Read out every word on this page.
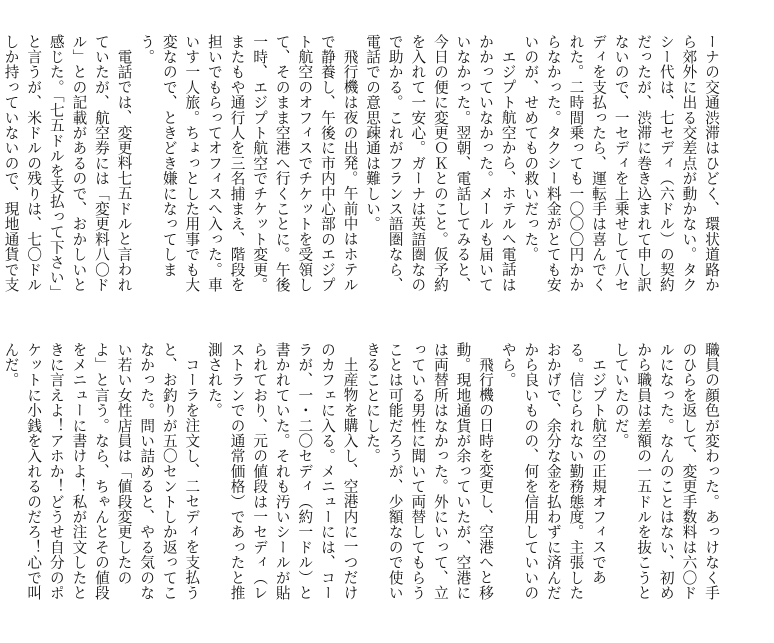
ーナの交通渋滞はひどく、環状道路から郊外に出る交差点が動かない。タクシー代は、七セディ（六ドル）の契約だったが、渋滞に巻き込まれて申し訳ないので、一セディを上乗せして八セディを支払ったら、運転手は喜んでくれた。二時間乗っても一〇〇〇円かからなかった。タクシー料金がとても安いのが、せめてもの救いだった。

エジプト航空から、ホテルへ電話はかかっていなかった。メールも届いていなかった。翌朝、電話してみると、今日の便に変更ＯＫとのこと。仮予約を入れて一安心。ガーナは英語圏なので助かる。これがフランス語圏なら、電話での意思疎通は難しい。

飛行機は夜の出発。午前中はホテルで静養し、午後に市内中心部のエジプト航空のオフィスでチケットを受領して、そのまま空港へ行くことに。午後一時、エジプト航空でチケット変更。またもや通行人を三名捕まえ、階段を担いでもらってオフィスへ入った。車いす一人旅。ちょっとした用事でも大変なので、ときどき嫌になってしまう。

電話では、変更料七五ドルと言われていたが、航空券には「変更料八〇ドル」との記載があるので、おかしいと感じた。「七五ドルを支払って下さい」と言うが、米ドルの残りは、七〇ドルしか持っていないので、現地通貨で支

職員の顔色が変わった。あっけなく手のひらを返して、変更手数料は六〇ドルになった。なんのことはない、初めから職員は差額の一五ドルを抜こうとしていたのだ。

エジプト航空の正規オフィスである。信じられない勤務態度。主張したおかげで、余分な金を払わずに済んだから良いものの、何を信用していいのやら。

飛行機の日時を変更し、空港へと移動。現地通貨が余っていたが、空港には両替所はなかった。外にいって、立っている男性に聞いて両替してもらうことは可能だろうが、少額なので使いきることにした。

土産物を購入し、空港内に一つだけのカフェに入る。メニューには、コーラが、一・二〇セディ（約一ドル）と書かれていた。それも汚いシールが貼られており、元の値段は一セディ（レストランでの通常価格）であったと推測された。

コーラを注文し、二セディを支払うと、お釣りが五〇セントしか返ってこなかった。問い詰めると、やる気のない若い女性店員は「値段変更したのよ」と言う。なら、ちゃんとその値段をメニューに書けよ！私が注文したときに言えよ！アホか！どうせ自分のポケットに小銭を入れるのだろ！心で叫んだ。
